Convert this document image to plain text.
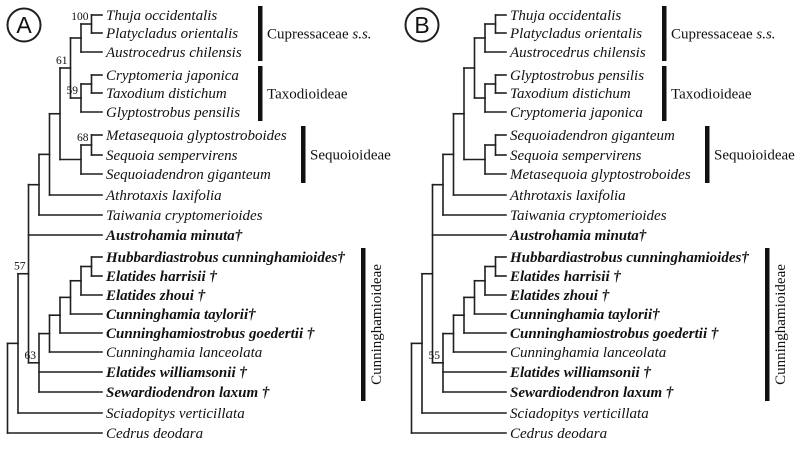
Thuja occidentalis
Platycladus orientalis
100
Austrocedrus chilensis
Cryptomeria japonica
Taxodium distichum
Glyptostrobus pensilis
59
61
Metasequoia glyptostroboides
Sequoia sempervirens
68
Sequoiadendron giganteum
Athrotaxis laxifolia
Taiwania cryptomerioides
Austrohamia minuta†
Hubbardiastrobus cunninghamioides†
Elatides harrisii †
Elatides zhoui †
Cunninghamia taylorii†
Cunninghamiostrobus goedertii †
Cunninghamia lanceolata
Elatides williamsonii †
Sewardiodendron laxum †
63
57
Sciadopitys verticillata
Cedrus deodara
Cupressaceae s.s.
Taxodioideae
Sequoioideae
Cunninghamioideae
A	Thuja occidentalis
Platycladus orientalis
Austrocedrus chilensis
Glyptostrobus pensilis
Taxodium distichum
Cryptomeria japonica
Sequoiadendron giganteum
Sequoia sempervirens
Metasequoia glyptostroboides
Athrotaxis laxifolia
Taiwania cryptomerioides
Austrohamia minuta†
Hubbardiastrobus cunninghamioides†
Elatides harrisii †
Elatides zhoui †
Cunninghamia taylorii†
Cunninghamiostrobus goedertii †
Cunninghamia lanceolata
Elatides williamsonii †
Sewardiodendron laxum †
55
Sciadopitys verticillata
Cedrus deodara
Cupressaceae s.s.
Taxodioideae
Sequoioideae
Cunninghamioideae
B
